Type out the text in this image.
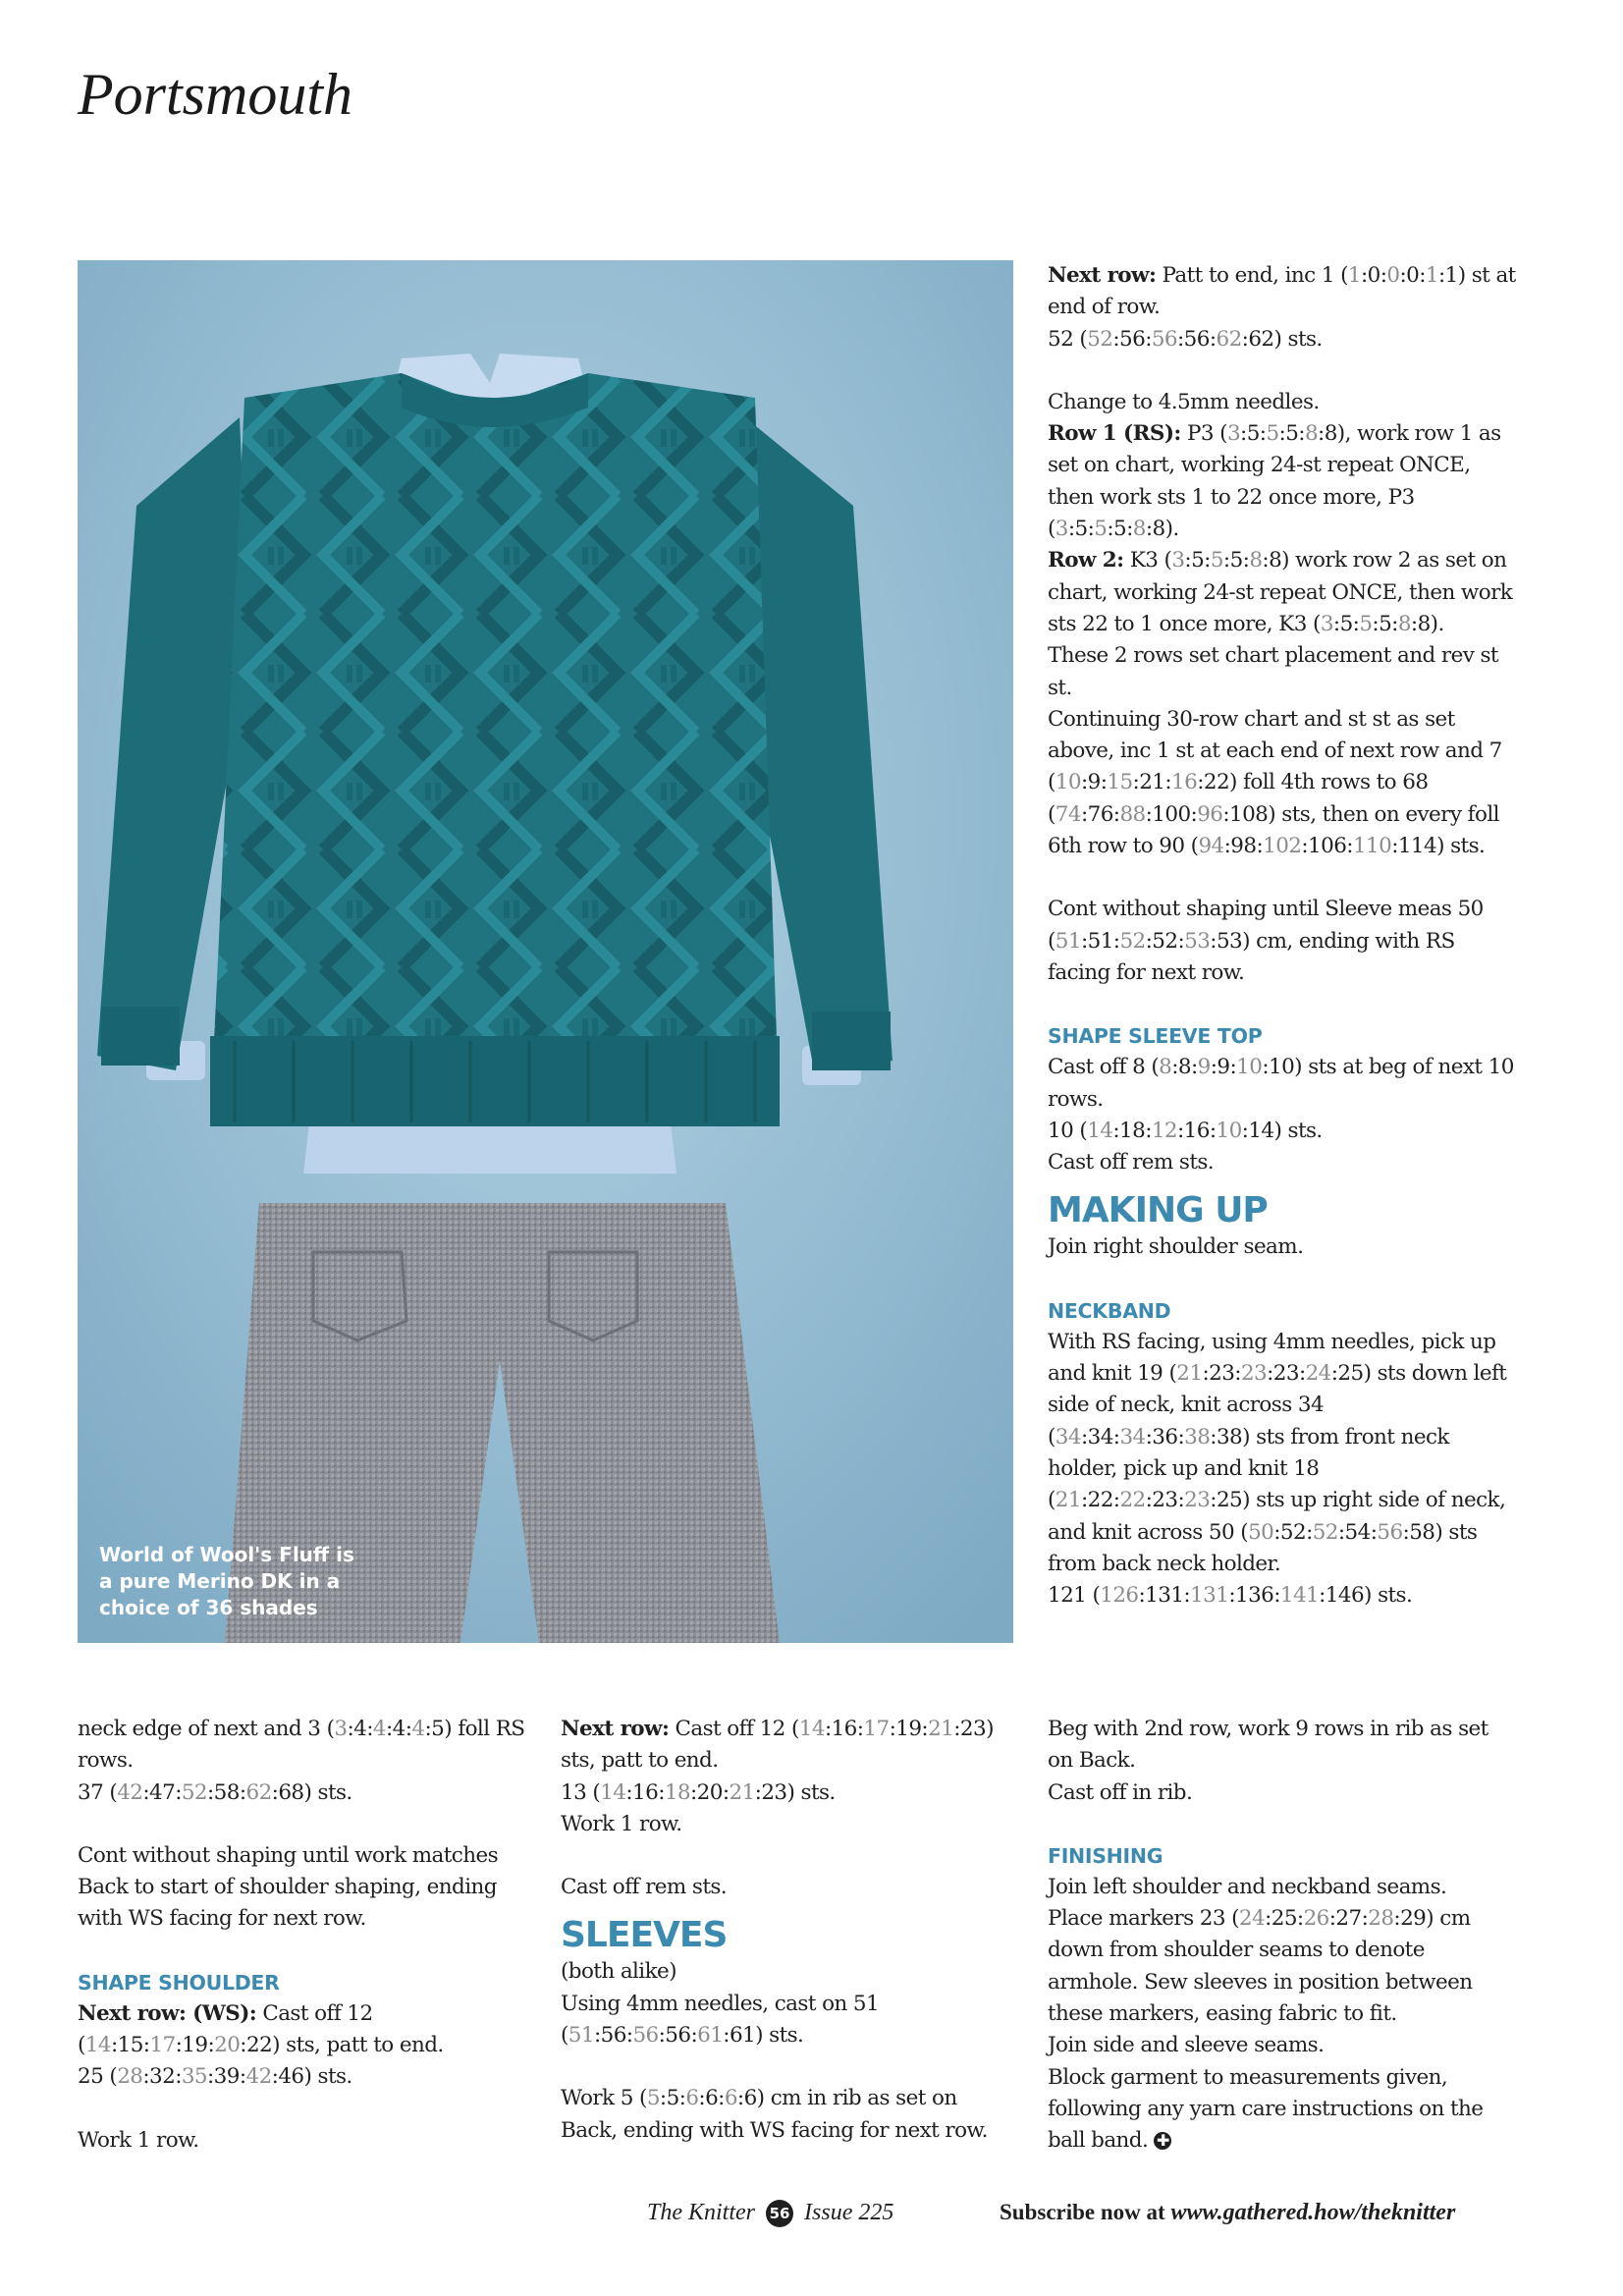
Portsmouth
World of Wool's Fluff is a pure Merino DK in a choice of 36 shades

Next row: Patt to end, inc 1 (1:0:0:0:1:1) st at end of row.

52 (52:56:56:56:62:62) sts.

Change to 4.5mm needles.

Row 1 (RS): P3 (3:5:5:5:8:8), work row 1 as set on chart, working 24-st repeat ONCE, then work sts 1 to 22 once more, P3 (3:5:5:5:8:8).

Row 2: K3 (3:5:5:5:8:8) work row 2 as set on chart, working 24-st repeat ONCE, then work sts 22 to 1 once more, K3 (3:5:5:5:8:8).

These 2 rows set chart placement and rev st st.

Continuing 30-row chart and st st as set above, inc 1 st at each end of next row and 7 (10:9:15:21:16:22) foll 4th rows to 68 (74:76:88:100:96:108) sts, then on every foll 6th row to 90 (94:98:102:106:110:114) sts.

Cont without shaping until Sleeve meas 50 (51:51:52:52:53:53) cm, ending with RS facing for next row.

SHAPE SLEEVE TOP

Cast off 8 (8:8:9:9:10:10) sts at beg of next 10 rows.

10 (14:18:12:16:10:14) sts.

Cast off rem sts.

MAKING UP

Join right shoulder seam.

NECKBAND

With RS facing, using 4mm needles, pick up and knit 19 (21:23:23:23:24:25) sts down left side of neck, knit across 34 (34:34:34:36:38:38) sts from front neck holder, pick up and knit 18 (21:22:22:23:23:25) sts up right side of neck, and knit across 50 (50:52:52:54:56:58) sts from back neck holder.

121 (126:131:131:136:141:146) sts.

neck edge of next and 3 (3:4:4:4:4:5) foll RS rows.

37 (42:47:52:58:62:68) sts.

Cont without shaping until work matches Back to start of shoulder shaping, ending with WS facing for next row.

SHAPE SHOULDER

Next row: (WS): Cast off 12 (14:15:17:19:20:22) sts, patt to end.

25 (28:32:35:39:42:46) sts.

Work 1 row.

Next row: Cast off 12 (14:16:17:19:21:23) sts, patt to end.

13 (14:16:18:20:21:23) sts.

Work 1 row.

Cast off rem sts.

SLEEVES

(both alike)

Using 4mm needles, cast on 51 (51:56:56:56:61:61) sts.

Work 5 (5:5:6:6:6:6) cm in rib as set on Back, ending with WS facing for next row.

Beg with 2nd row, work 9 rows in rib as set on Back.

Cast off in rib.

FINISHING

Join left shoulder and neckband seams.

Place markers 23 (24:25:26:27:28:29) cm down from shoulder seams to denote armhole. Sew sleeves in position between these markers, easing fabric to fit.

Join side and sleeve seams.

Block garment to measurements given, following any yarn care instructions on the ball band. ✚

The Knitter 56 Issue 225	Subscribe now at www.gathered.how/theknitter
